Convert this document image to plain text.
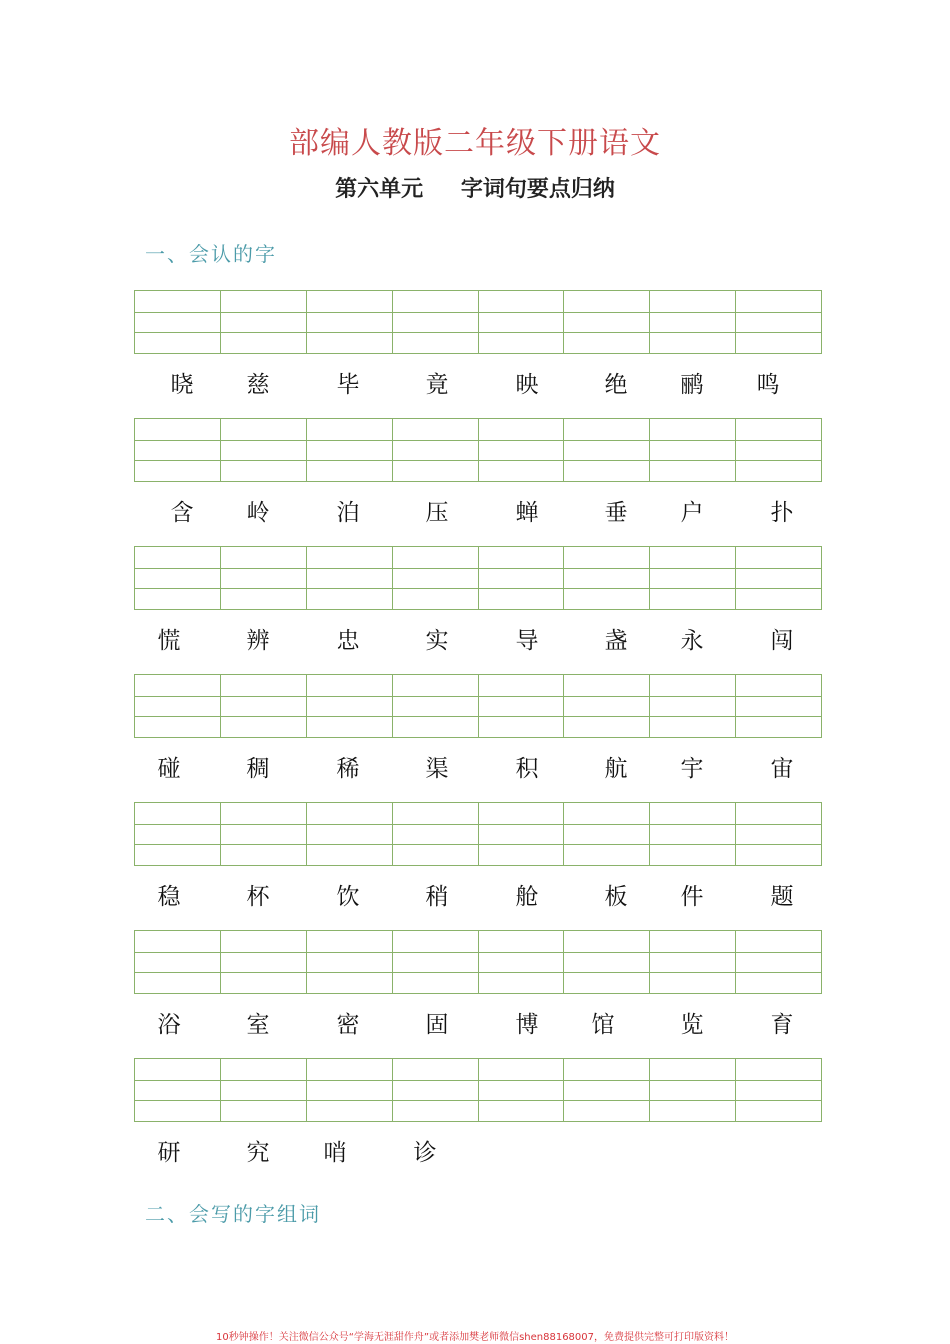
部编人教版二年级下册语文
第六单元 字词句要点归纳
一、会认的字
晓	慈	毕	竟	映	绝	鹂	鸣
含	岭	泊	压	蝉	垂	户	扑
慌	辨	忠	实	导	盏	永	闯
碰	稠	稀	渠	积	航	宇	宙
稳	杯	饮	稍	舱	板	件	题
浴	室	密	固	博	馆	览	育
研	究	哨	诊
二、会写的字组词
10秒钟操作！关注微信公众号“学海无涯甜作舟”或者添加樊老师微信shen88168007，免费提供完整可打印版资料！
